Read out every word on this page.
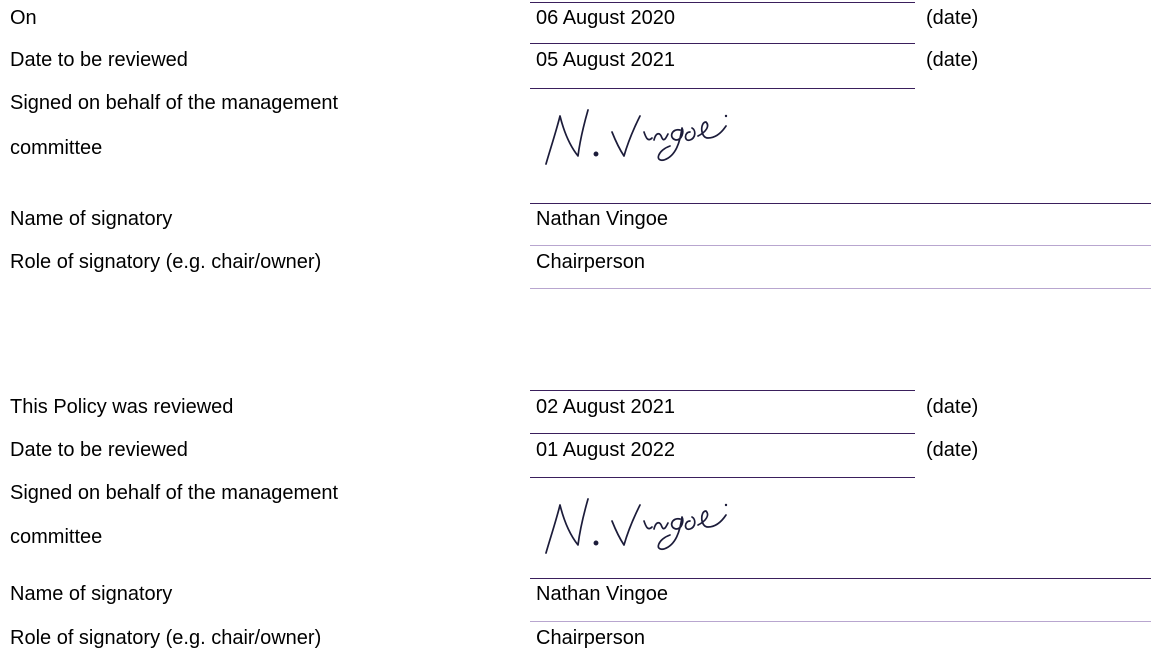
On	06 August 2020	(date)
Date to be reviewed	05 August 2021	(date)
Signed on behalf of the management
committee
Name of signatory	Nathan Vingoe
Role of signatory (e.g. chair/owner)	Chairperson
This Policy was reviewed	02 August 2021	(date)
Date to be reviewed	01 August 2022	(date)
Signed on behalf of the management
committee
Name of signatory	Nathan Vingoe
Role of signatory (e.g. chair/owner)	Chairperson
